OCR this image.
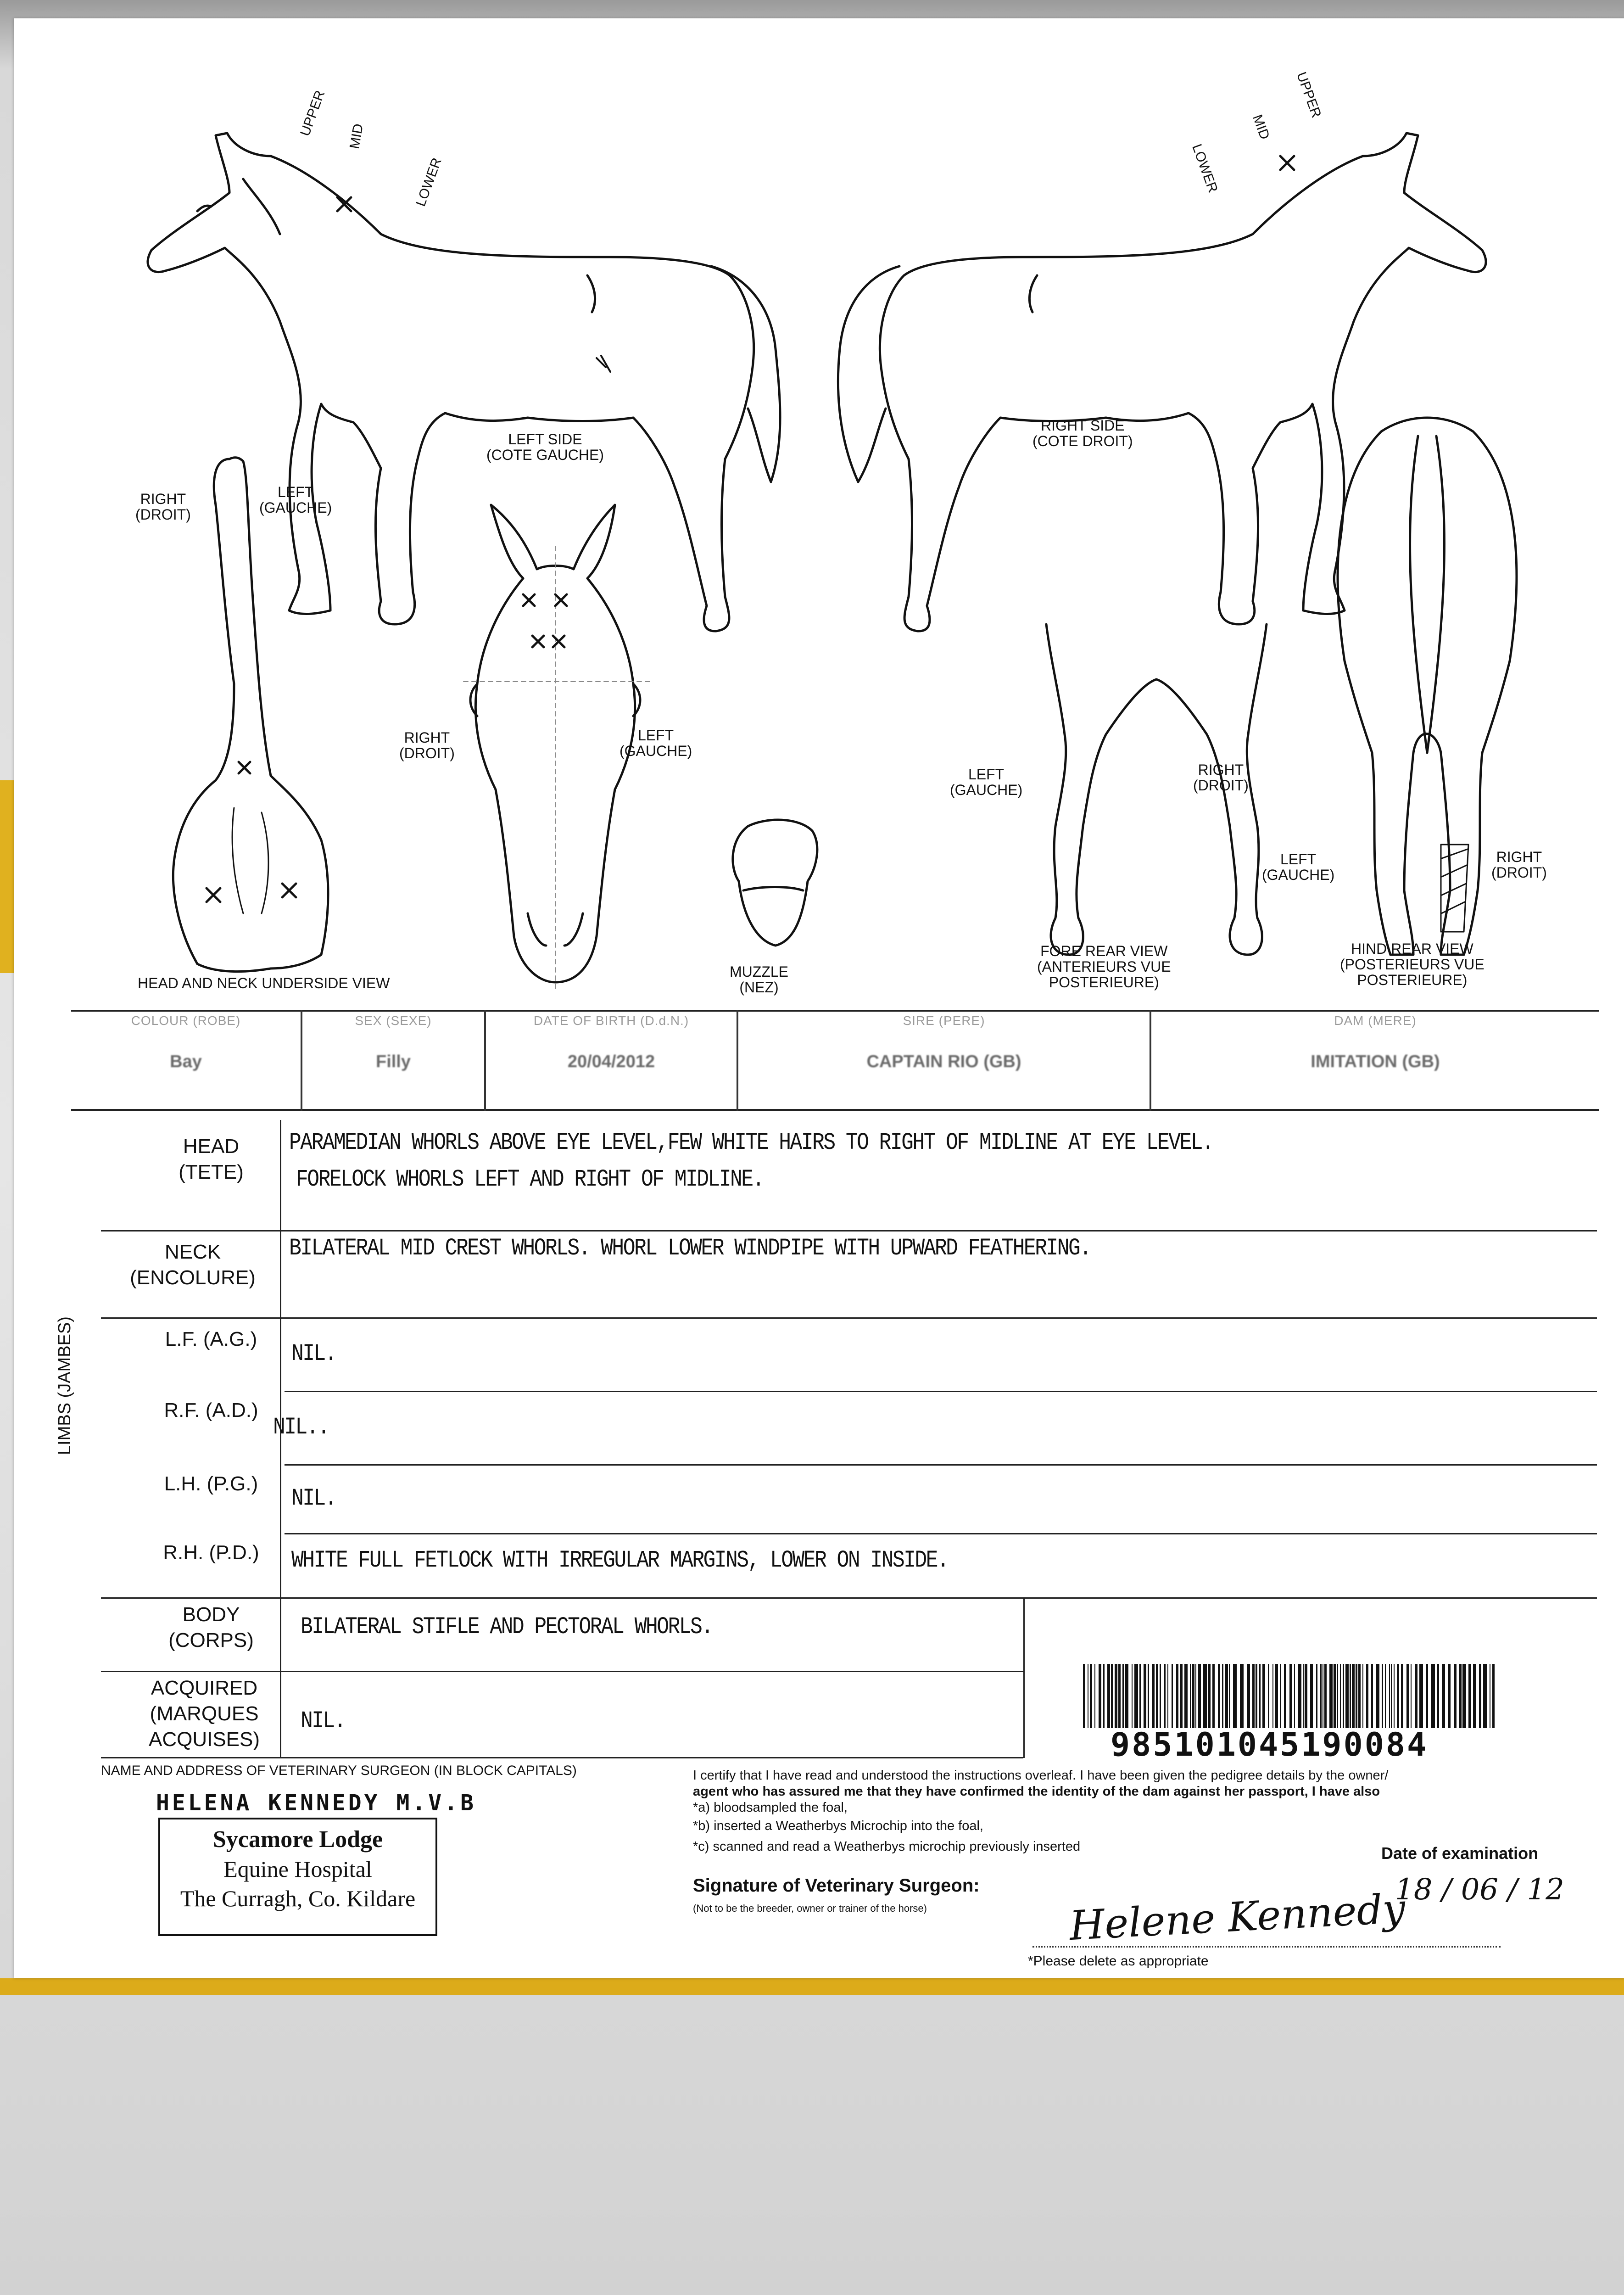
UPPER MID
LOWER
UPPER
MID
LOWER
LEFT SIDE
(COTE GAUCHE)
RIGHT SIDE
(COTE DROIT)
RIGHT
(DROIT)
LEFT
(GAUCHE)
RIGHT
(DROIT)
LEFT
(GAUCHE)
LEFT
(GAUCHE)
RIGHT
(DROIT)
LEFT
(GAUCHE)
RIGHT
(DROIT)
HEAD AND NECK UNDERSIDE VIEW
MUZZLE
(NEZ)
FORE REAR VIEW
(ANTERIEURS VUE
POSTERIEURE)
HIND REAR VIEW
(POSTERIEURS VUE
POSTERIEURE)
COLOUR (ROBE)
Bay
SEX (SEXE)
Filly
DATE OF BIRTH (D.d.N.)
20/04/2012
SIRE (PERE)
CAPTAIN RIO (GB)
DAM (MERE)
IMITATION (GB)
HEAD
(TETE)
PARAMEDIAN WHORLS ABOVE EYE LEVEL,FEW WHITE HAIRS TO RIGHT OF MIDLINE AT EYE LEVEL.
FORELOCK WHORLS LEFT AND RIGHT OF MIDLINE.
NECK
(ENCOLURE)
BILATERAL MID CREST WHORLS. WHORL LOWER WINDPIPE WITH UPWARD FEATHERING.
LIMBS (JAMBES)	L.F. (A.G.)
NIL.
R.F. (A.D.)
NIL..
L.H. (P.G.)
NIL.
R.H. (P.D.)	WHITE FULL FETLOCK WITH IRREGULAR MARGINS, LOWER ON INSIDE.
BODY
(CORPS)	BILATERAL STIFLE AND PECTORAL WHORLS.
ACQUIRED
(MARQUES
ACQUISES)
NIL.
985101045190084
NAME AND ADDRESS OF VETERINARY SURGEON (IN BLOCK CAPITALS)
HELENA KENNEDY M.V.B
Sycamore Lodge
Equine Hospital
The Curragh, Co. Kildare
I certify that I have read and understood the instructions overleaf. I have been given the pedigree details by the owner/
agent who has assured me that they have confirmed the identity of the dam against her passport, I have also
*a) bloodsampled the foal,
*b) inserted a Weatherbys Microchip into the foal,
*c) scanned and read a Weatherbys microchip previously inserted	Date of examination
18 / 06 / 12
Signature of Veterinary Surgeon:
(Not to be the breeder, owner or trainer of the horse)	Helene Kennedy
*Please delete as appropriate
